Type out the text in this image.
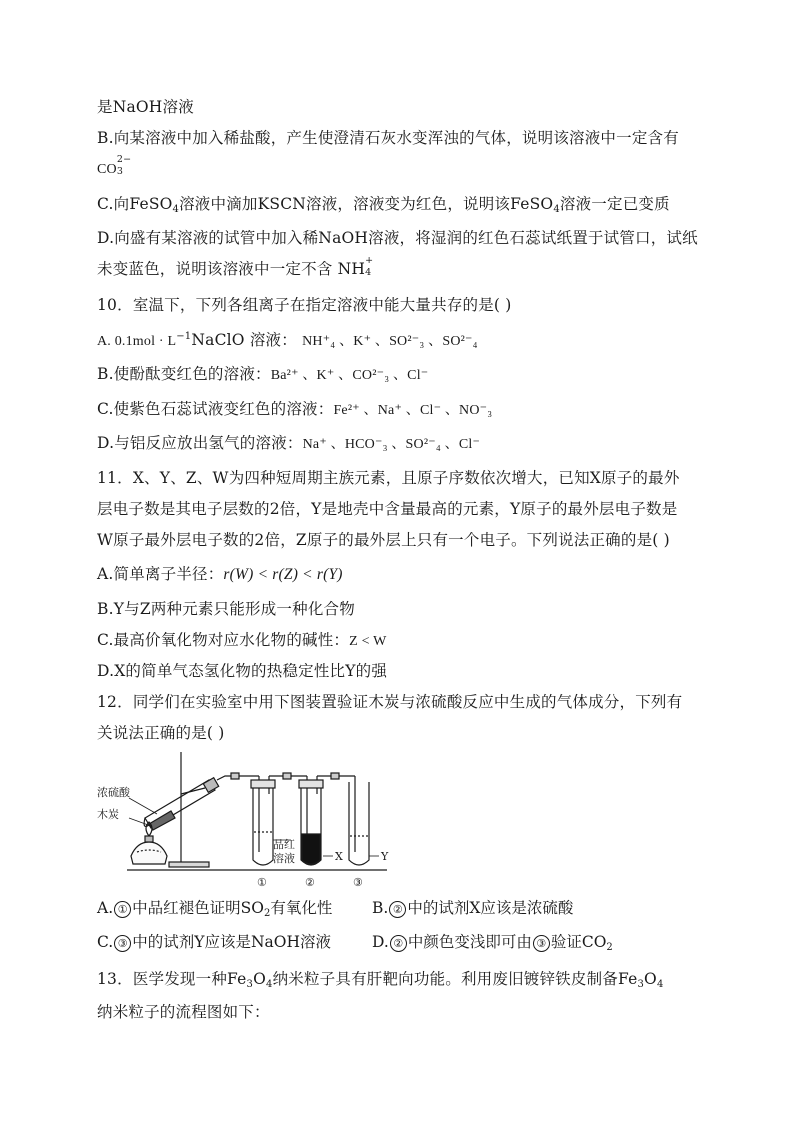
是NaOH溶液
B.向某溶液中加入稀盐酸，产生使澄清石灰水变浑浊的气体，说明该溶液中一定含有
CO
2−
3
C.向FeSO$_4$溶液中滴加KSCN溶液，溶液变为红色，说明该FeSO$_4$溶液一定已变质
D.向盛有某溶液的试管中加入稀NaOH溶液，将湿润的红色石蕊试纸置于试管口，试纸
未变蓝色，说明该溶液中一定不含 NH +
4
10．室温下，下列各组离子在指定溶液中能大量共存的是( )
A. $0.1mol \cdot L^{-1}NaClO$ 溶液： NH⁺₄ 、K⁺ 、SO²⁻₃ 、SO²⁻₄
B.使酚酞变红色的溶液：Ba²⁺ 、K⁺ 、CO²⁻₃ 、Cl⁻
C.使紫色石蕊试液变红色的溶液：Fe²⁺ 、Na⁺ 、Cl⁻ 、NO⁻₃
D.与铝反应放出氢气的溶液：Na⁺ 、HCO⁻₃ 、SO²⁻₄ 、Cl⁻
11．X、Y、Z、W为四种短周期主族元素，且原子序数依次增大，已知X原子的最外
层电子数是其电子层数的2倍，Y是地壳中含量最高的元素，Y原子的最外层电子数是
W原子最外层电子数的2倍，Z原子的最外层上只有一个电子。下列说法正确的是( )
A.简单离子半径：r(W) < r(Z) < r(Y)
B.Y与Z两种元素只能形成一种化合物
C.最高价氧化物对应水化物的碱性：Z < W
D.X的简单气态氢化物的热稳定性比Y的强
12．同学们在实验室中用下图装置验证木炭与浓硫酸反应中生成的气体成分，下列有
关说法正确的是( )
浓硫酸
木炭
品红
溶液	X	Y
①	②	③
A. ① 中品红褪色证明$SO_2$有氧化性	B. ② 中的试剂X应该是浓硫酸
C. ③ 中的试剂Y应该是NaOH溶液	D. ② 中颜色变浅即可由 ③ 验证$CO_2$
13．医学发现一种$Fe_3O_4$纳米粒子具有肝靶向功能。利用废旧镀锌铁皮制备$Fe_3O_4$
纳米粒子的流程图如下：
